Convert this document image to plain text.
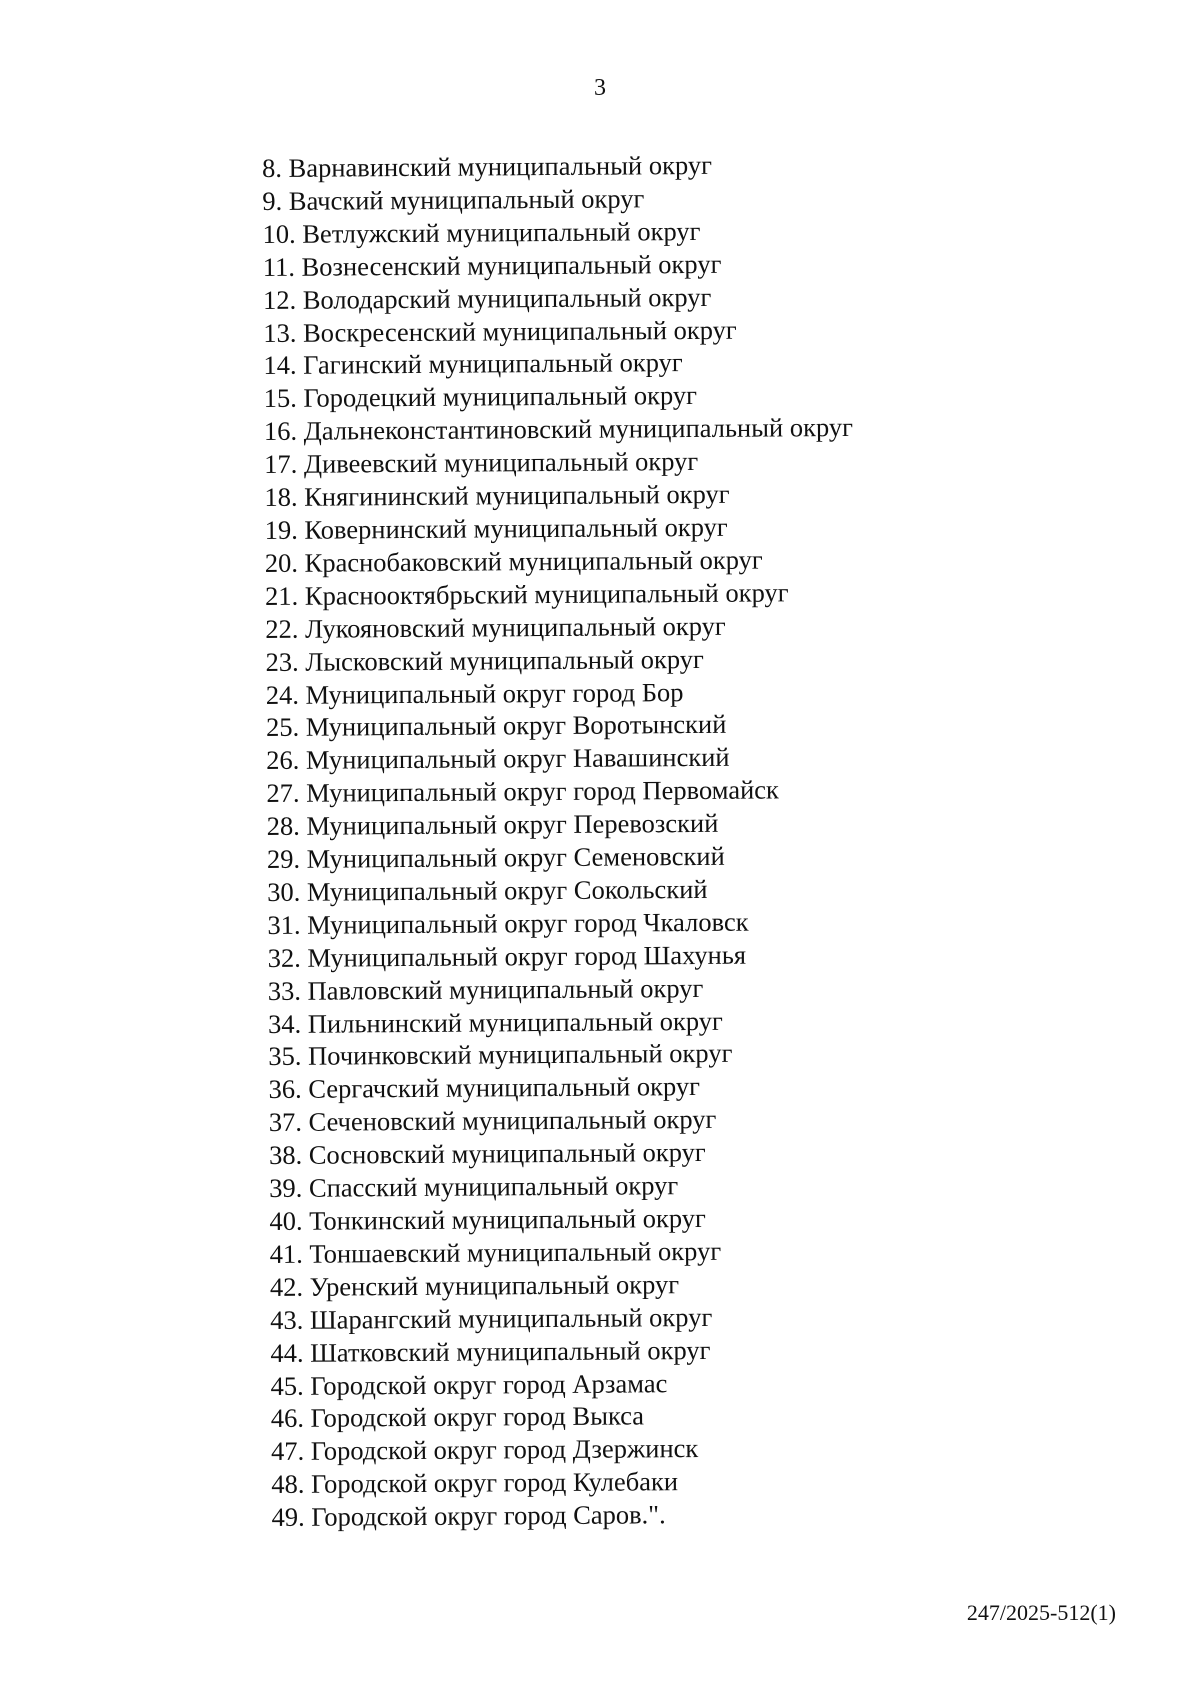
3
8. Варнавинский муниципальный округ
9. Вачский муниципальный округ
10. Ветлужский муниципальный округ
11. Вознесенский муниципальный округ
12. Володарский муниципальный округ
13. Воскресенский муниципальный округ
14. Гагинский муниципальный округ
15. Городецкий муниципальный округ
16. Дальнеконстантиновский муниципальный округ
17. Дивеевский муниципальный округ
18. Княгининский муниципальный округ
19. Ковернинский муниципальный округ
20. Краснобаковский муниципальный округ
21. Краснооктябрьский муниципальный округ
22. Лукояновский муниципальный округ
23. Лысковский муниципальный округ
24. Муниципальный округ город Бор
25. Муниципальный округ Воротынский
26. Муниципальный округ Навашинский
27. Муниципальный округ город Первомайск
28. Муниципальный округ Перевозский
29. Муниципальный округ Семеновский
30. Муниципальный округ Сокольский
31. Муниципальный округ город Чкаловск
32. Муниципальный округ город Шахунья
33. Павловский муниципальный округ
34. Пильнинский муниципальный округ
35. Починковский муниципальный округ
36. Сергачский муниципальный округ
37. Сеченовский муниципальный округ
38. Сосновский муниципальный округ
39. Спасский муниципальный округ
40. Тонкинский муниципальный округ
41. Тоншаевский муниципальный округ
42. Уренский муниципальный округ
43. Шарангский муниципальный округ
44. Шатковский муниципальный округ
45. Городской округ город Арзамас
46. Городской округ город Выкса
47. Городской округ город Дзержинск
48. Городской округ город Кулебаки
49. Городской округ город Саров.".
247/2025-512(1)
